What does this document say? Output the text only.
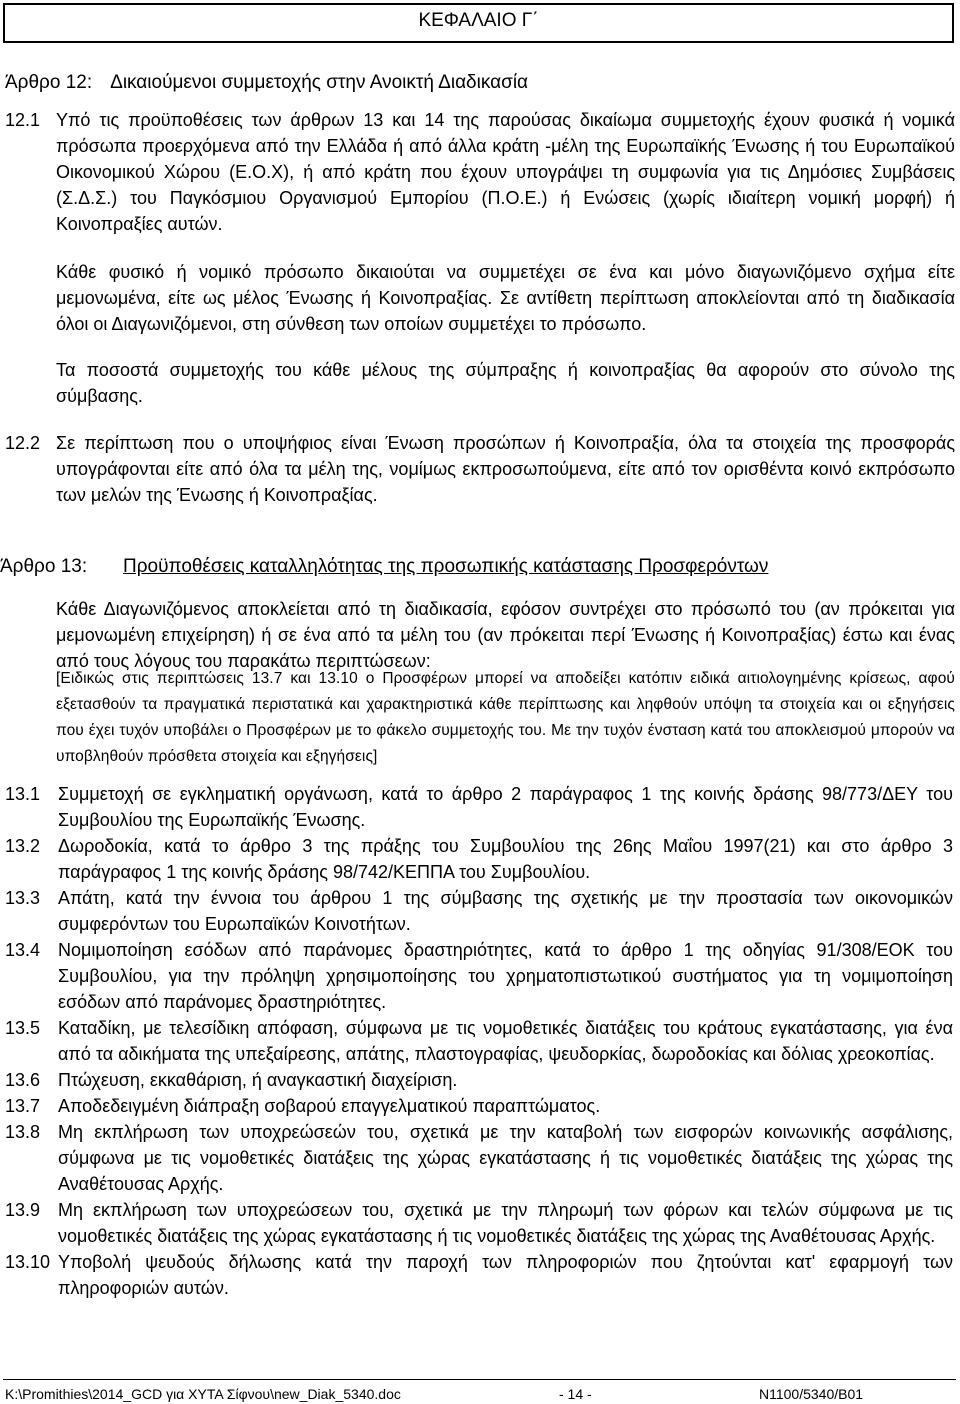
ΚΕΦΑΛΑΙΟ Γ΄
Άρθρο 12: Δικαιούμενοι συμμετοχής στην Ανοικτή Διαδικασία
12.1 Υπό τις προϋποθέσεις των άρθρων 13 και 14 της παρούσας δικαίωμα συμμετοχής έχουν φυσικά ή νομικά πρόσωπα προερχόμενα από την Ελλάδα ή από άλλα κράτη -μέλη της Ευρωπαϊκής Ένωσης ή του Ευρωπαϊκού Οικονομικού Χώρου (Ε.Ο.Χ), ή από κράτη που έχουν υπογράψει τη συμφωνία για τις Δημόσιες Συμβάσεις (Σ.Δ.Σ.) του Παγκόσμιου Οργανισμού Εμπορίου (Π.Ο.Ε.) ή Ενώσεις (χωρίς ιδιαίτερη νομική μορφή) ή Κοινοπραξίες αυτών.
Κάθε φυσικό ή νομικό πρόσωπο δικαιούται να συμμετέχει σε ένα και μόνο διαγωνιζόμενο σχήμα είτε μεμονωμένα, είτε ως μέλος Ένωσης ή Κοινοπραξίας. Σε αντίθετη περίπτωση αποκλείονται από τη διαδικασία όλοι οι Διαγωνιζόμενοι, στη σύνθεση των οποίων συμμετέχει το πρόσωπο.
Τα ποσοστά συμμετοχής του κάθε μέλους της σύμπραξης ή κοινοπραξίας θα αφορούν στο σύνολο της σύμβασης.
12.2 Σε περίπτωση που ο υποψήφιος είναι Ένωση προσώπων ή Κοινοπραξία, όλα τα στοιχεία της προσφοράς υπογράφονται είτε από όλα τα μέλη της, νομίμως εκπροσωπούμενα, είτε από τον ορισθέντα κοινό εκπρόσωπο των μελών της Ένωσης ή Κοινοπραξίας.
Άρθρο 13: Προϋποθέσεις καταλληλότητας της προσωπικής κατάστασης Προσφερόντων
Κάθε Διαγωνιζόμενος αποκλείεται από τη διαδικασία, εφόσον συντρέχει στο πρόσωπό του (αν πρόκειται για μεμονωμένη επιχείρηση) ή σε ένα από τα μέλη του (αν πρόκειται περί Ένωσης ή Κοινοπραξίας) έστω και ένας από τους λόγους του παρακάτω περιπτώσεων:
[Ειδικώς στις περιπτώσεις 13.7 και 13.10 ο Προσφέρων μπορεί να αποδείξει κατόπιν ειδικά αιτιολογημένης κρίσεως, αφού εξετασθούν τα πραγματικά περιστατικά και χαρακτηριστικά κάθε περίπτωσης και ληφθούν υπόψη τα στοιχεία και οι εξηγήσεις που έχει τυχόν υποβάλει ο Προσφέρων με το φάκελο συμμετοχής του. Με την τυχόν ένσταση κατά του αποκλεισμού μπορούν να υποβληθούν πρόσθετα στοιχεία και εξηγήσεις]
13.1 Συμμετοχή σε εγκληματική οργάνωση, κατά το άρθρο 2 παράγραφος 1 της κοινής δράσης 98/773/ΔΕΥ του Συμβουλίου της Ευρωπαϊκής Ένωσης.
13.2 Δωροδοκία, κατά το άρθρο 3 της πράξης του Συμβουλίου της 26ης Μαΐου 1997(21) και στο άρθρο 3 παράγραφος 1 της κοινής δράσης 98/742/ΚΕΠΠΑ του Συμβουλίου.
13.3 Απάτη, κατά την έννοια του άρθρου 1 της σύμβασης της σχετικής με την προστασία των οικονομικών συμφερόντων του Ευρωπαϊκών Κοινοτήτων.
13.4 Νομιμοποίηση εσόδων από παράνομες δραστηριότητες, κατά το άρθρο 1 της οδηγίας 91/308/ΕΟΚ του Συμβουλίου, για την πρόληψη χρησιμοποίησης του χρηματοπιστωτικού συστήματος για τη νομιμοποίηση εσόδων από παράνομες δραστηριότητες.
13.5 Καταδίκη, με τελεσίδικη απόφαση, σύμφωνα με τις νομοθετικές διατάξεις του κράτους εγκατάστασης, για ένα από τα αδικήματα της υπεξαίρεσης, απάτης, πλαστογραφίας, ψευδορκίας, δωροδοκίας και δόλιας χρεοκοπίας.
13.6 Πτώχευση, εκκαθάριση, ή αναγκαστική διαχείριση.
13.7 Αποδεδειγμένη διάπραξη σοβαρού επαγγελματικού παραπτώματος.
13.8 Μη εκπλήρωση των υποχρεώσεών του, σχετικά με την καταβολή των εισφορών κοινωνικής ασφάλισης, σύμφωνα με τις νομοθετικές διατάξεις της χώρας εγκατάστασης ή τις νομοθετικές διατάξεις της χώρας της Αναθέτουσας Αρχής.
13.9 Μη εκπλήρωση των υποχρεώσεων του, σχετικά με την πληρωμή των φόρων και τελών σύμφωνα με τις νομοθετικές διατάξεις της χώρας εγκατάστασης ή τις νομοθετικές διατάξεις της χώρας της Αναθέτουσας Αρχής.
13.10 Υποβολή ψευδούς δήλωσης κατά την παροχή των πληροφοριών που ζητούνται κατ' εφαρμογή των πληροφοριών αυτών.
K:\Promithies\2014_GCD για ΧΥΤΑ Σίφνου\new_Diak_5340.doc	- 14 -	N1100/5340/B01
